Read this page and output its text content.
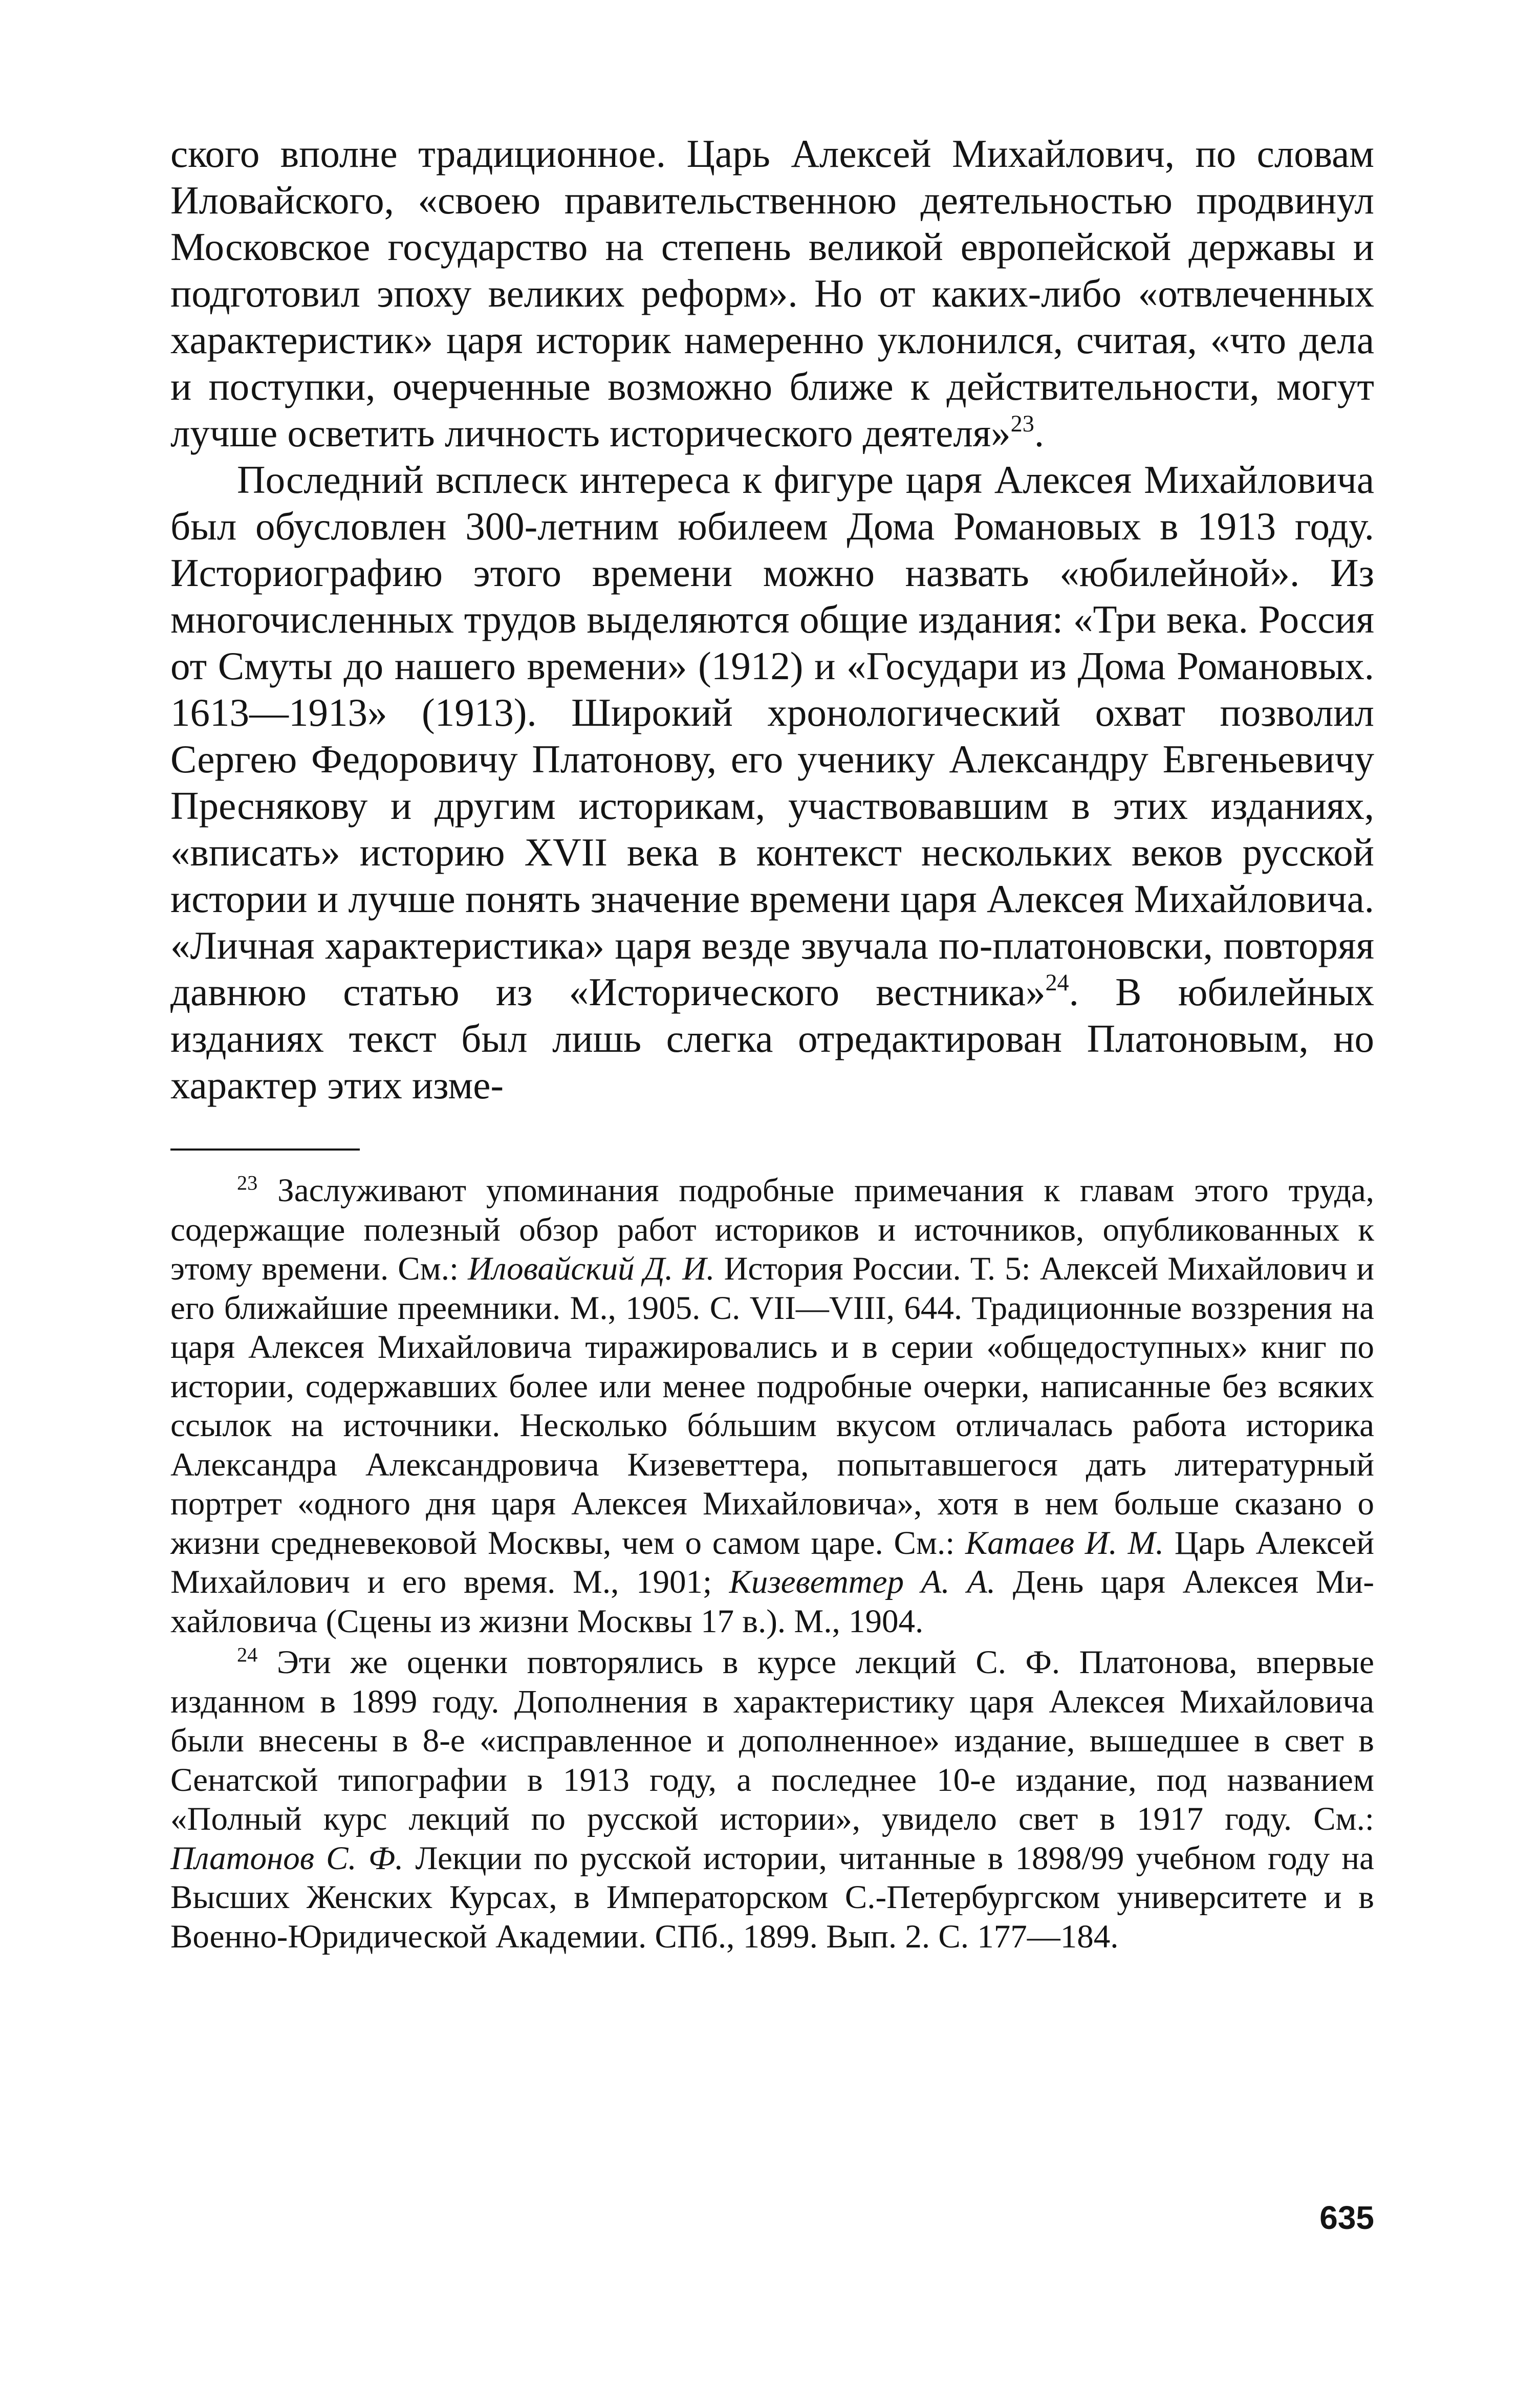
ского вполне традиционное. Царь Алексей Михайлович, по словам Иловайского, «своею правительственною деятельностью продвинул Московское государство на степень великой европейской державы и подготовил эпоху великих реформ». Но от каких-либо «отвлеченных характеристик» царя историк намеренно уклонился, считая, «что дела и поступки, очерченные возможно ближе к действительности, могут лучше осветить личность исторического деятеля»$^{23}$.

Последний всплеск интереса к фигуре царя Алексея Михайловича был обусловлен 300-летним юбилеем Дома Романовых в 1913 году. Историографию этого времени можно назвать «юбилейной». Из многочисленных трудов выделяются общие издания: «Три века. Россия от Смуты до нашего времени» (1912) и «Государи из Дома Романовых. 1613—1913» (1913). Широкий хронологический охват позволил Сергею Федоровичу Платонову, его ученику Александру Евгеньевичу Преснякову и другим историкам, участвовавшим в этих изданиях, «вписать» историю XVII века в контекст нескольких веков русской истории и лучше понять значение времени царя Алексея Михайловича. «Личная характеристика» царя везде звучала по-платоновски, повторяя давнюю статью из «Исторического вестника»$^{24}$. В юбилейных изданиях текст был лишь слегка отредактирован Платоновым, но характер этих изме-

$^{23}$ Заслуживают упоминания подробные примечания к главам этого труда, содержащие полезный обзор работ историков и источников, опубликованных к этому времени. См.: Иловайский Д. И. История России. Т. 5: Алексей Михайлович и его ближайшие преемники. М., 1905. С. VII—VIII, 644. Традиционные воззрения на царя Алексея Михайловича тиражировались и в серии «общедоступных» книг по истории, содержавших более или менее подробные очерки, написанные без всяких ссылок на источники. Несколько бóльшим вкусом отличалась работа историка Александра Александровича Кизеветтера, попытавшегося дать литературный портрет «одного дня царя Алексея Михайловича», хотя в нем больше сказано о жизни средневековой Москвы, чем о самом царе. См.: Катаев И. М. Царь Алексей Михайлович и его время. М., 1901; Кизеветтер А. А. День царя Алексея Михайловича (Сцены из жизни Москвы 17 в.). М., 1904.

$^{24}$ Эти же оценки повторялись в курсе лекций С. Ф. Платонова, впервые изданном в 1899 году. Дополнения в характеристику царя Алексея Михайловича были внесены в 8-е «исправленное и дополненное» издание, вышедшее в свет в Сенатской типографии в 1913 году, а последнее 10-е издание, под названием «Полный курс лекций по русской истории», увидело свет в 1917 году. См.: Платонов С. Ф. Лекции по русской истории, читанные в 1898/99 учебном году на Высших Женских Курсах, в Императорском С.-Петербургском университете и в Военно-Юридической Академии. СПб., 1899. Вып. 2. С. 177—184.

635
